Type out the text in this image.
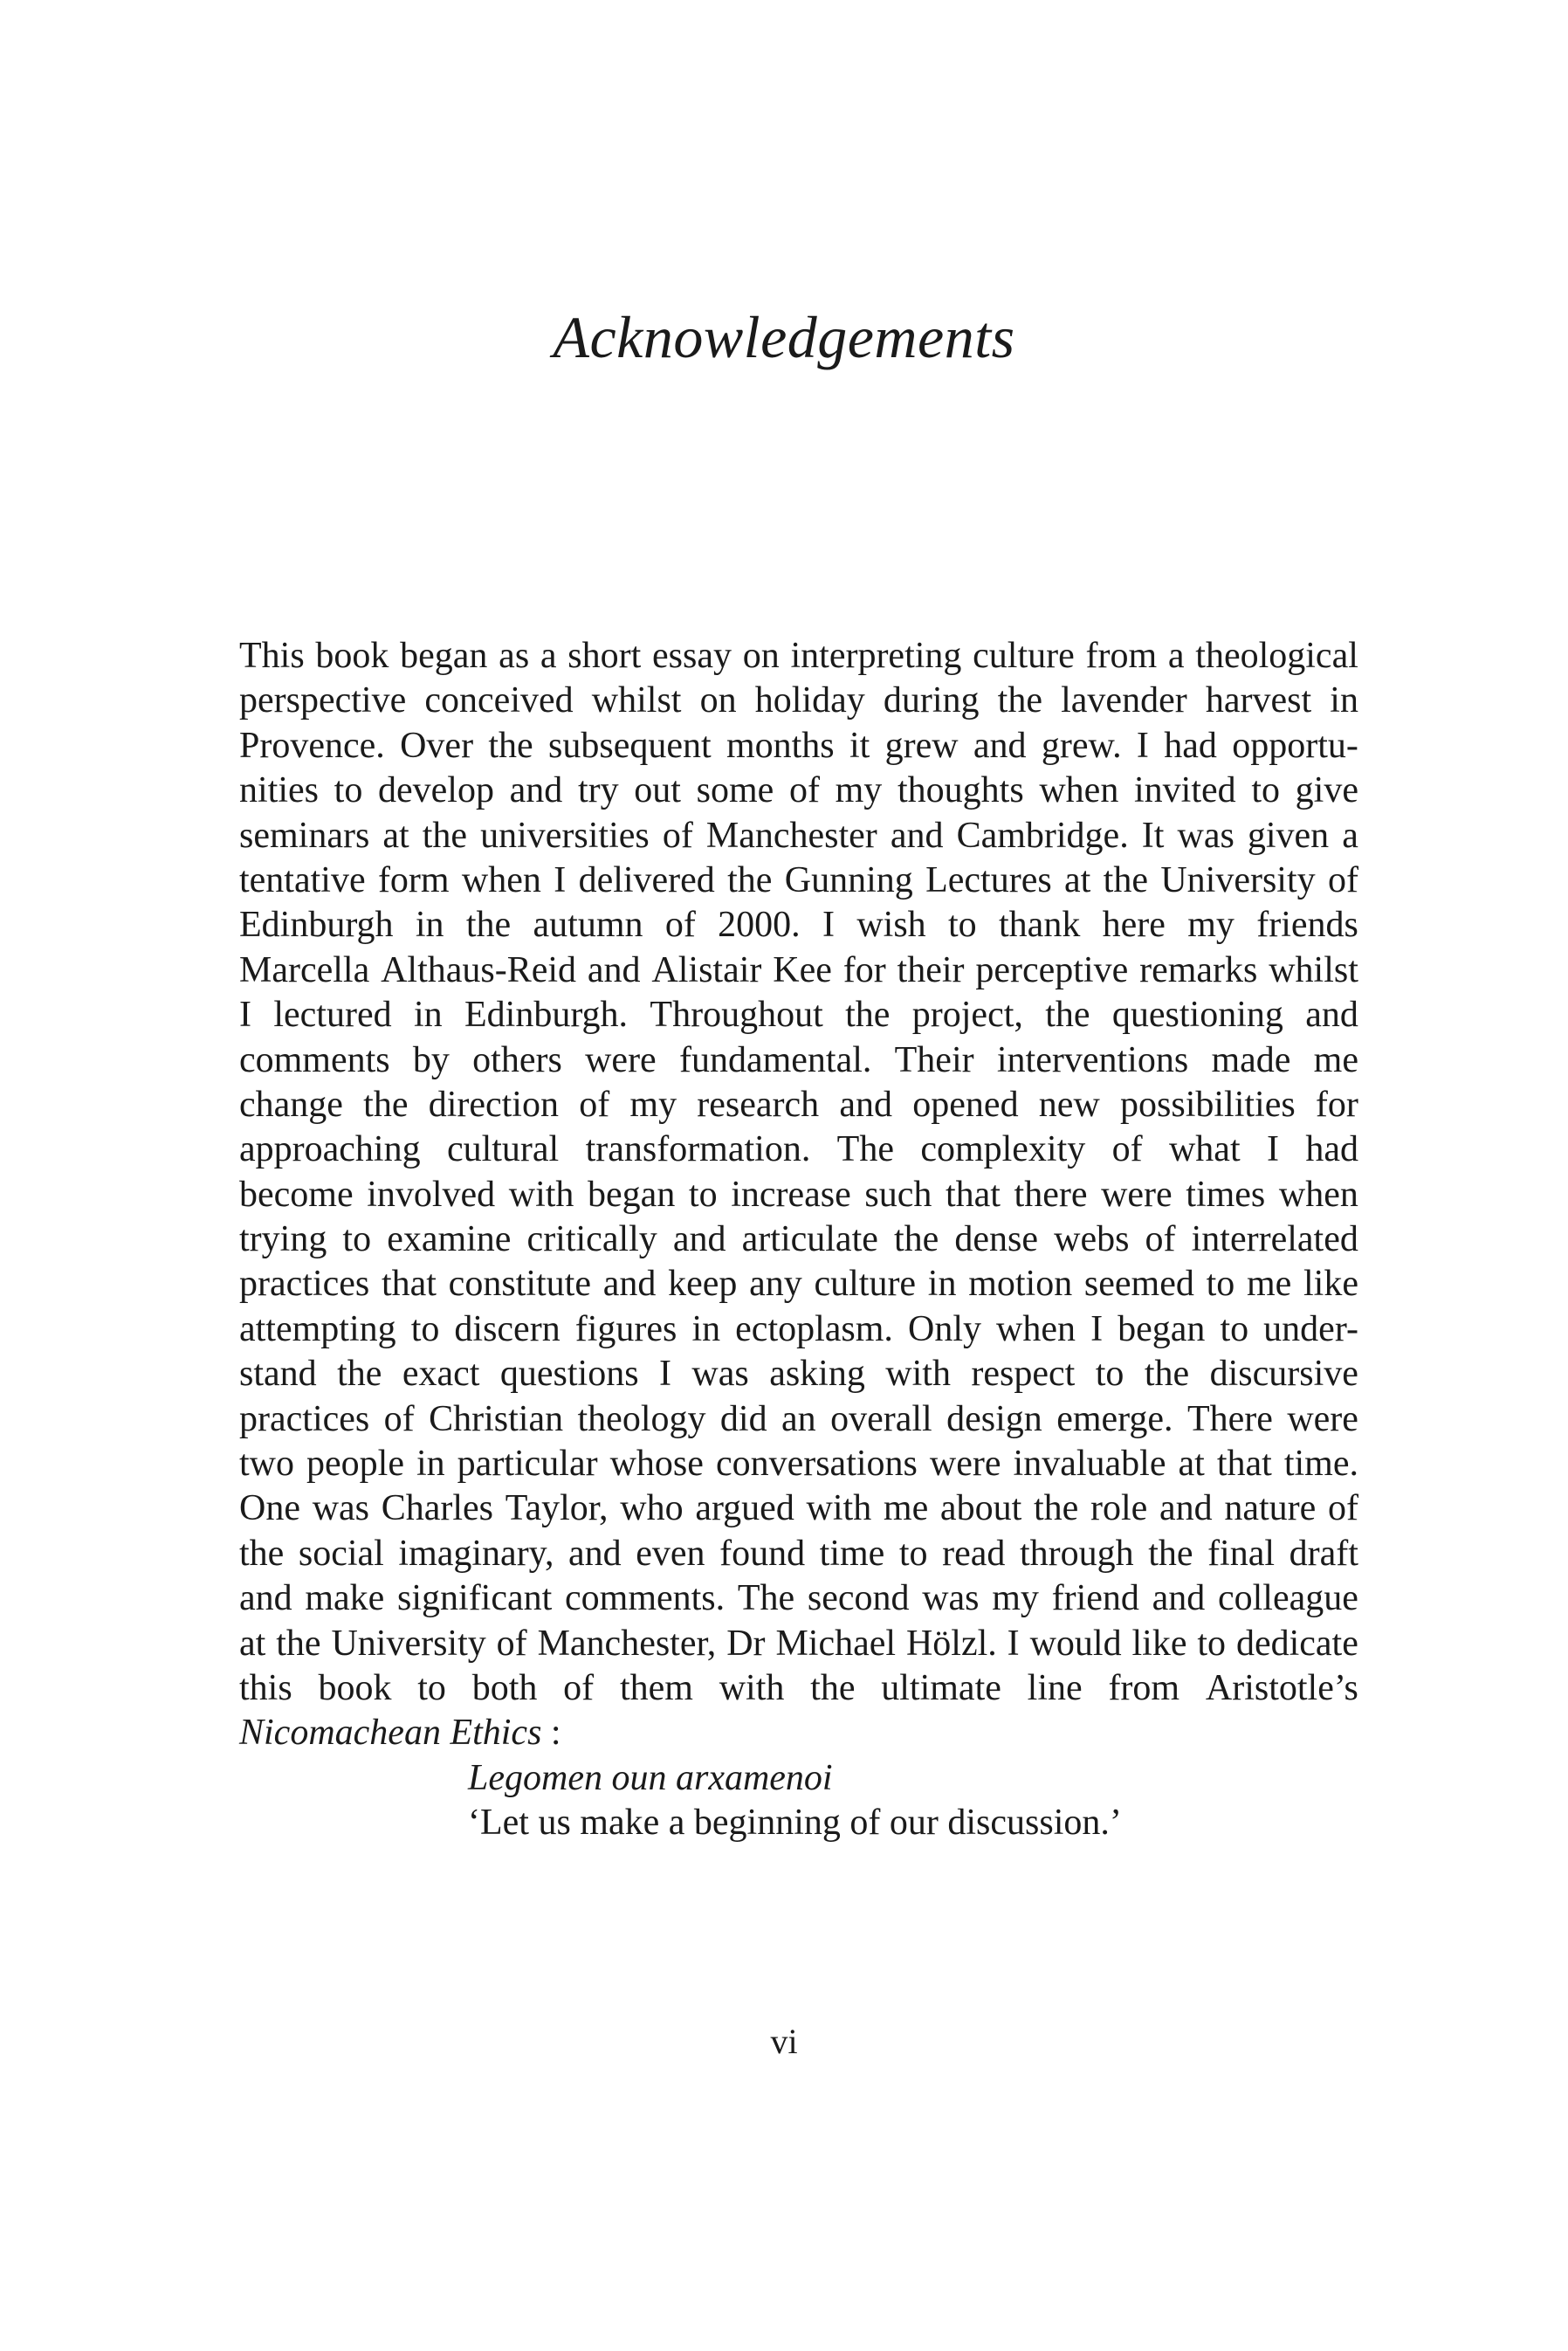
Acknowledgements
This book began as a short essay on interpreting culture from a theological
perspective conceived whilst on holiday during the lavender harvest in
Provence. Over the subsequent months it grew and grew. I had opportu-
nities to develop and try out some of my thoughts when invited to give
seminars at the universities of Manchester and Cambridge. It was given a
tentative form when I delivered the Gunning Lectures at the University of
Edinburgh in the autumn of 2000. I wish to thank here my friends
Marcella Althaus-Reid and Alistair Kee for their perceptive remarks whilst
I lectured in Edinburgh. Throughout the project, the questioning and
comments by others were fundamental. Their interventions made me
change the direction of my research and opened new possibilities for
approaching cultural transformation. The complexity of what I had
become involved with began to increase such that there were times when
trying to examine critically and articulate the dense webs of interrelated
practices that constitute and keep any culture in motion seemed to me like
attempting to discern figures in ectoplasm. Only when I began to under-
stand the exact questions I was asking with respect to the discursive
practices of Christian theology did an overall design emerge. There were
two people in particular whose conversations were invaluable at that time.
One was Charles Taylor, who argued with me about the role and nature of
the social imaginary, and even found time to read through the final draft
and make significant comments. The second was my friend and colleague
at the University of Manchester, Dr Michael Hölzl. I would like to dedicate
this book to both of them with the ultimate line from Aristotle’s
Nicomachean Ethics :
Legomen oun arxamenoi
‘Let us make a beginning of our discussion.’
vi
